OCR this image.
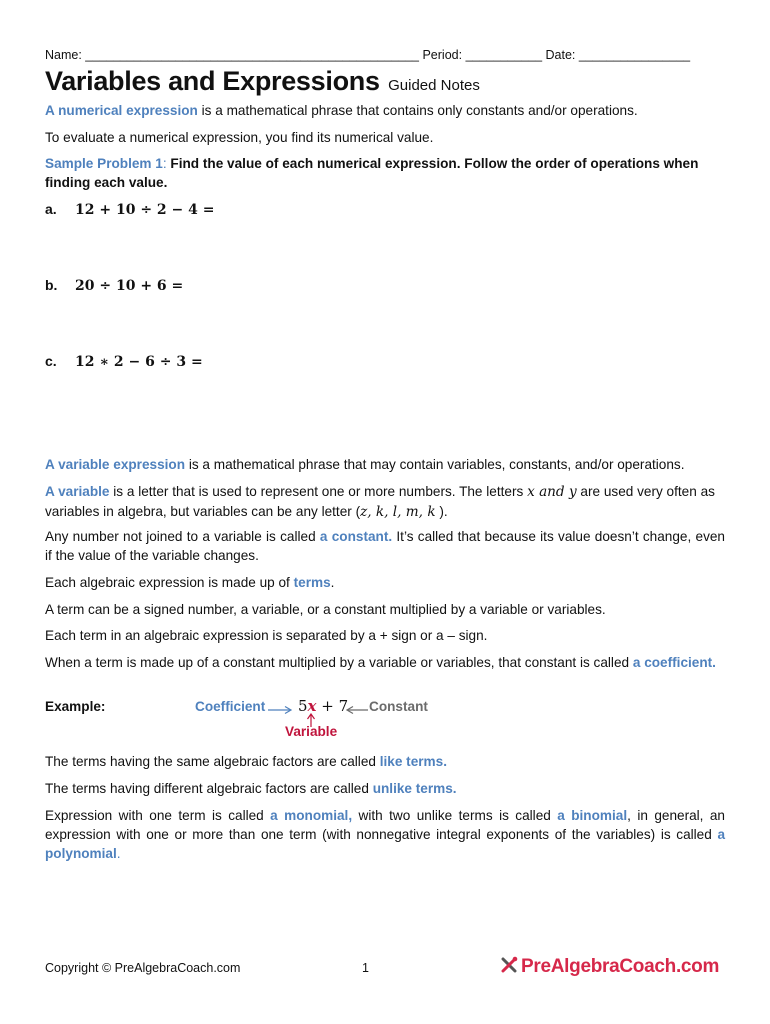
Name: ________________________________________________ Period: ___________ Date: ________________
Variables and Expressions Guided Notes
A numerical expression is a mathematical phrase that contains only constants and/or operations.
To evaluate a numerical expression, you find its numerical value.
Sample Problem 1: Find the value of each numerical expression. Follow the order of operations when finding each value.
a. 12 + 10 ÷ 2 − 4 =
b. 20 ÷ 10 + 6 =
c. 12 ∗ 2 − 6 ÷ 3 =
A variable expression is a mathematical phrase that may contain variables, constants, and/or operations.
A variable is a letter that is used to represent one or more numbers. The letters x and y are used very often as variables in algebra, but variables can be any letter (z, k, l, m, k ).
Any number not joined to a variable is called a constant. It’s called that because its value doesn’t change, even if the value of the variable changes.
Each algebraic expression is made up of terms.
A term can be a signed number, a variable, or a constant multiplied by a variable or variables.
Each term in an algebraic expression is separated by a + sign or a – sign.
When a term is made up of a constant multiplied by a variable or variables, that constant is called a coefficient.
Example:	Coefficient 5x + 7 Constant
Variable
The terms having the same algebraic factors are called like terms.
The terms having different algebraic factors are called unlike terms.
Expression with one term is called a monomial, with two unlike terms is called a binomial, in general, an expression with one or more than one term (with nonnegative integral exponents of the variables) is called a polynomial.
Copyright © PreAlgebraCoach.com	1	PreAlgebraCoach.com
